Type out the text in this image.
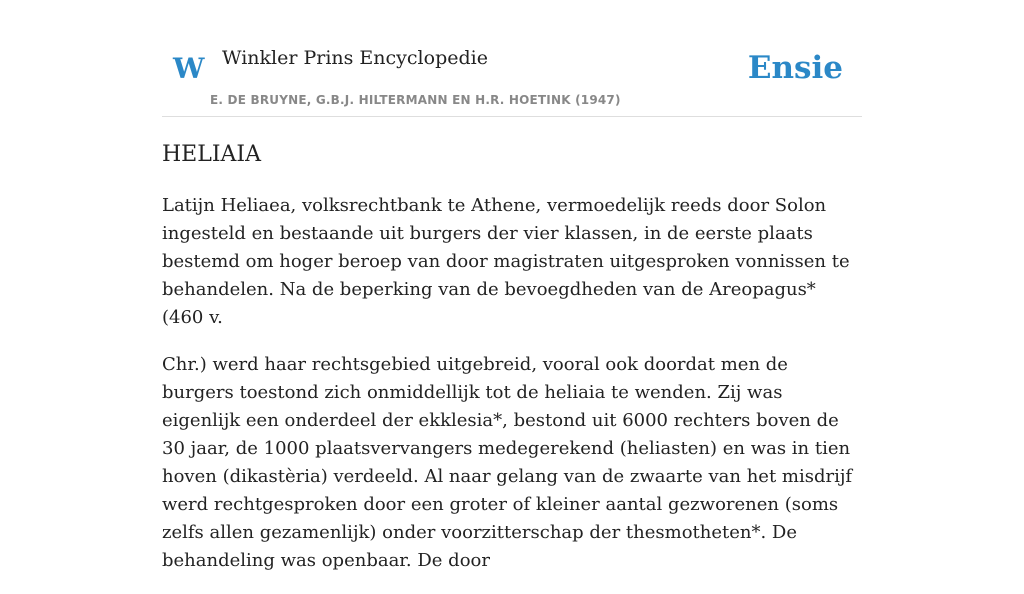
W Winkler Prins Encyclopedie	Ensie
E. DE BRUYNE, G.B.J. HILTERMANN EN H.R. HOETINK (1947)
HELIAIA

Latijn Heliaea, volksrechtbank te Athene, vermoedelijk reeds door Solon ingesteld en bestaande uit burgers der vier klassen, in de eerste plaats bestemd om hoger beroep van door magistraten uitgesproken vonnissen te behandelen. Na de beperking van de bevoegdheden van de Areopagus* (460 v.

Chr.) werd haar rechtsgebied uitgebreid, vooral ook doordat men de burgers toestond zich onmiddellijk tot de heliaia te wenden. Zij was eigenlijk een onderdeel der ekklesia*, bestond uit 6000 rechters boven de 30 jaar, de 1000 plaatsvervangers medegerekend (heliasten) en was in tien hoven (dikastèria) verdeeld. Al naar gelang van de zwaarte van het misdrijf werd rechtgesproken door een groter of kleiner aantal gezworenen (soms zelfs allen gezamenlijk) onder voorzitterschap der thesmotheten*. De behandeling was openbaar. De door
